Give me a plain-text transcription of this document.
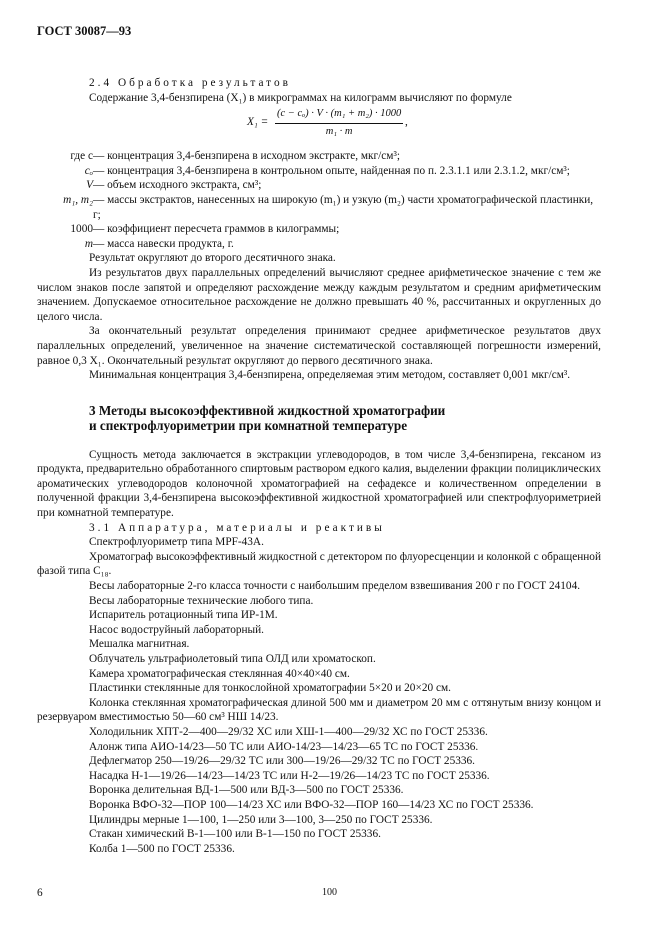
ГОСТ 30087—93

2.4 Обработка результатов

Содержание 3,4-бензпирена (X₁) в микрограммах на килограмм вычисляют по формуле

$X_1 = \frac{\text{(c − cₒ) · V · (m₁ + m₂) · 1000}}{\text{m₁ · m}}$ ,
где c	— концентрация 3,4-бензпирена в исходном экстракте, мкг/см³;
cₒ	— концентрация 3,4-бензпирена в контрольном опыте, найденная по п. 2.3.1.1 или 2.3.1.2, мкг/см³;
V	— объем исходного экстракта, см³;
m₁, m₂	— массы экстрактов, нанесенных на широкую (m₁) и узкую (m₂) части хроматографической пластинки, г;
1000	— коэффициент пересчета граммов в килограммы;
m	— масса навески продукта, г.

Результат округляют до второго десятичного знака.

Из результатов двух параллельных определений вычисляют среднее арифметическое значение с тем же числом знаков после запятой и определяют расхождение между каждым результатом и средним арифметическим значением. Допускаемое относительное расхождение не должно превышать 40 %, рассчитанных и округленных до целого числа.

За окончательный результат определения принимают среднее арифметическое результатов двух параллельных определений, увеличенное на значение систематической составляющей погрешности измерений, равное 0,3 X₁. Окончательный результат округляют до первого десятичного знака.

Минимальная концентрация 3,4-бензпирена, определяемая этим методом, составляет 0,001 мкг/см³.

3 Методы высокоэффективной жидкостной хроматографии
и спектрофлуориметрии при комнатной температуре

Сущность метода заключается в экстракции углеводородов, в том числе 3,4-бензпирена, гексаном из продукта, предварительно обработанного спиртовым раствором едкого калия, выделении фракции полициклических ароматических углеводородов колоночной хроматографией на сефадексе и количественном определении в полученной фракции 3,4-бензпирена высокоэффективной жидкостной хроматографией или спектрофлуориметрией при комнатной температуре.

3.1 Аппаратура, материалы и реактивы

Спектрофлуориметр типа MPF-43A.

Хроматограф высокоэффективный жидкостной с детектором по флуоресценции и колонкой с обращенной фазой типа C₁₈.

Весы лабораторные 2-го класса точности с наибольшим пределом взвешивания 200 г по ГОСТ 24104.

Весы лабораторные технические любого типа.

Испаритель ротационный типа ИР-1М.

Насос водоструйный лабораторный.

Мешалка магнитная.

Облучатель ультрафиолетовый типа ОЛД или хроматоскоп.

Камера хроматографическая стеклянная 40×40×40 см.

Пластинки стеклянные для тонкослойной хроматографии 5×20 и 20×20 см.

Колонка стеклянная хроматографическая длиной 500 мм и диаметром 20 мм с оттянутым внизу концом и резервуаром вместимостью 50—60 см³ НШ 14/23.

Холодильник ХПТ-2—400—29/32 ХС или ХШ-1—400—29/32 ХС по ГОСТ 25336.

Алонж типа АИО-14/23—50 ТС или АИО-14/23—14/23—65 ТС по ГОСТ 25336.

Дефлегматор 250—19/26—29/32 ТС или 300—19/26—29/32 ТС по ГОСТ 25336.

Насадка Н-1—19/26—14/23—14/23 ТС или Н-2—19/26—14/23 ТС по ГОСТ 25336.

Воронка делительная ВД-1—500 или ВД-3—500 по ГОСТ 25336.

Воронка ВФО-32—ПОР 100—14/23 ХС или ВФО-32—ПОР 160—14/23 ХС по ГОСТ 25336.

Цилиндры мерные 1—100, 1—250 или 3—100, 3—250 по ГОСТ 25336.

Стакан химический В-1—100 или В-1—150 по ГОСТ 25336.

Колба 1—500 по ГОСТ 25336.

6	100
